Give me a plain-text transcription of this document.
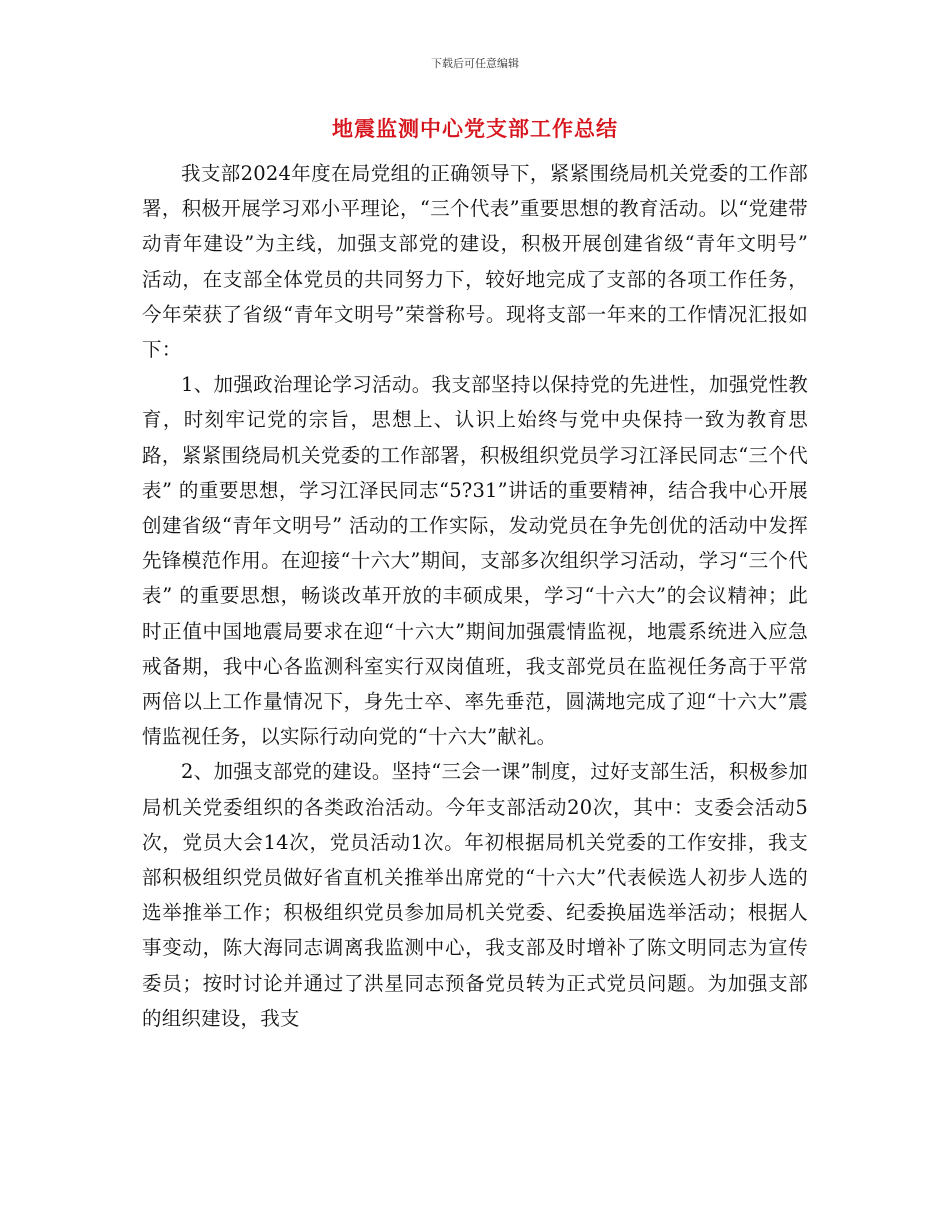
下载后可任意编辑
地震监测中心党支部工作总结

我支部2024年度在局党组的正确领导下，紧紧围绕局机关党委的工作部署，积极开展学习邓小平理论，“三个代表”重要思想的教育活动。以“党建带动青年建设”为主线，加强支部党的建设，积极开展创建省级“青年文明号” 活动，在支部全体党员的共同努力下，较好地完成了支部的各项工作任务，今年荣获了省级“青年文明号”荣誉称号。现将支部一年来的工作情况汇报如下：

1、加强政治理论学习活动。我支部坚持以保持党的先进性，加强党性教育，时刻牢记党的宗旨，思想上、认识上始终与党中央保持一致为教育思路，紧紧围绕局机关党委的工作部署，积极组织党员学习江泽民同志“三个代表” 的重要思想，学习江泽民同志“5?31”讲话的重要精神，结合我中心开展创建省级“青年文明号” 活动的工作实际，发动党员在争先创优的活动中发挥先锋模范作用。在迎接“十六大”期间，支部多次组织学习活动，学习“三个代表” 的重要思想，畅谈改革开放的丰硕成果，学习“十六大”的会议精神；此时正值中国地震局要求在迎“十六大”期间加强震情监视，地震系统进入应急戒备期，我中心各监测科室实行双岗值班，我支部党员在监视任务高于平常两倍以上工作量情况下，身先士卒、率先垂范，圆满地完成了迎“十六大”震情监视任务，以实际行动向党的“十六大”献礼。

2、加强支部党的建设。坚持“三会一课”制度，过好支部生活，积极参加局机关党委组织的各类政治活动。今年支部活动20次，其中：支委会活动5次，党员大会14次，党员活动1次。年初根据局机关党委的工作安排，我支部积极组织党员做好省直机关推举出席党的“十六大”代表候选人初步人选的选举推举工作；积极组织党员参加局机关党委、纪委换届选举活动；根据人事变动，陈大海同志调离我监测中心，我支部及时增补了陈文明同志为宣传委员；按时讨论并通过了洪星同志预备党员转为正式党员问题。为加强支部的组织建设，我支
